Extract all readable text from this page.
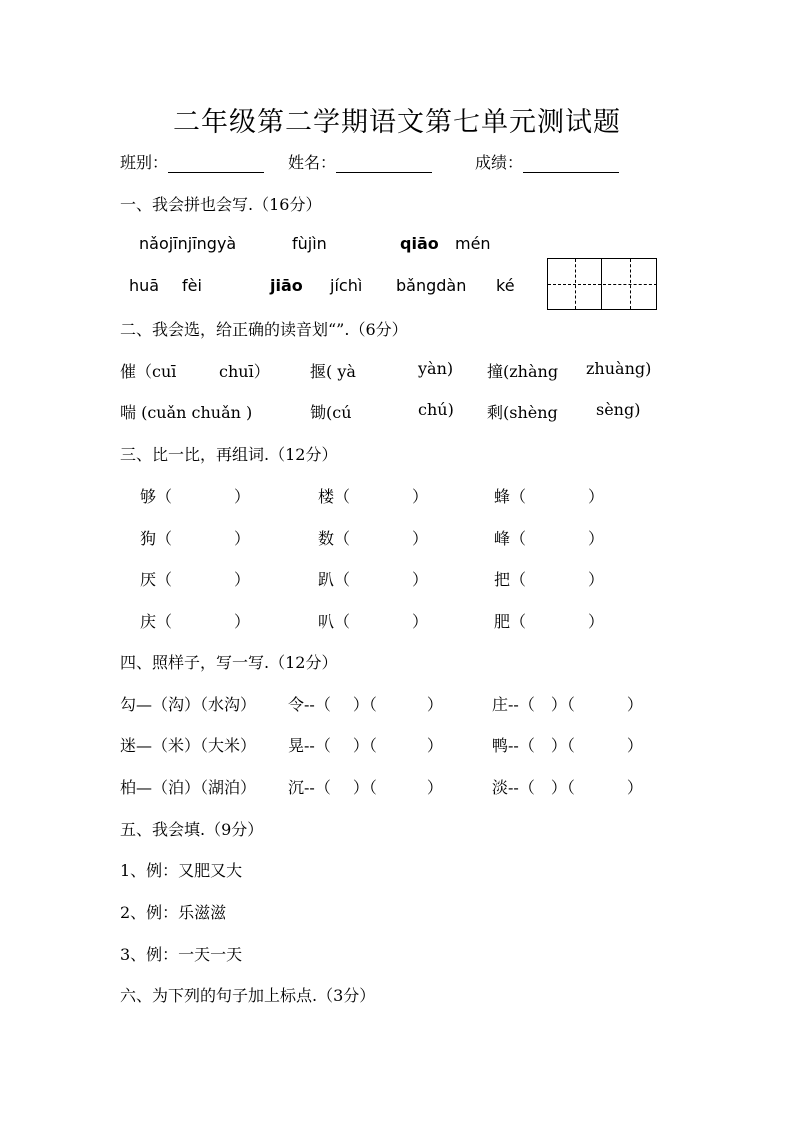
二年级第二学期语文第七单元测试题
班别：	姓名：	成绩：
一、我会拼也会写.（16分）
nǎojīnjīngyà	fùjìn	qiāo mén
huā fèi	jiāo jíchì bǎngdàn ké
二、我会选，给正确的读音划“”.（6分）
催（cuī	chuī）	揠( yà	yàn) 撞(zhàng zhuàng)
喘 (cuǎn chuǎn )	锄(cú	chú) 剩(shèng sèng)
三、比一比，再组词.（12分）
够（	）	楼（	）	蜂（	）
狗（	）	数（	）	峰（	）
厌（	）	趴（	）	把（	）
庆（	）	叭（	）	肥（	）
四、照样子，写一写.（12分）
勾—（沟）（水沟） 令--（ ）（	）	庄--（ ）（	）
迷—（米）（大米） 晃--（ ）（	）	鸭--（ ）（	）
柏—（泊）（湖泊） 沉--（ ）（	）	淡--（ ）（	）
五、我会填.（9分）
1、例：又肥又大
2、例：乐滋滋
3、例：一天一天
六、为下列的句子加上标点.（3分）
